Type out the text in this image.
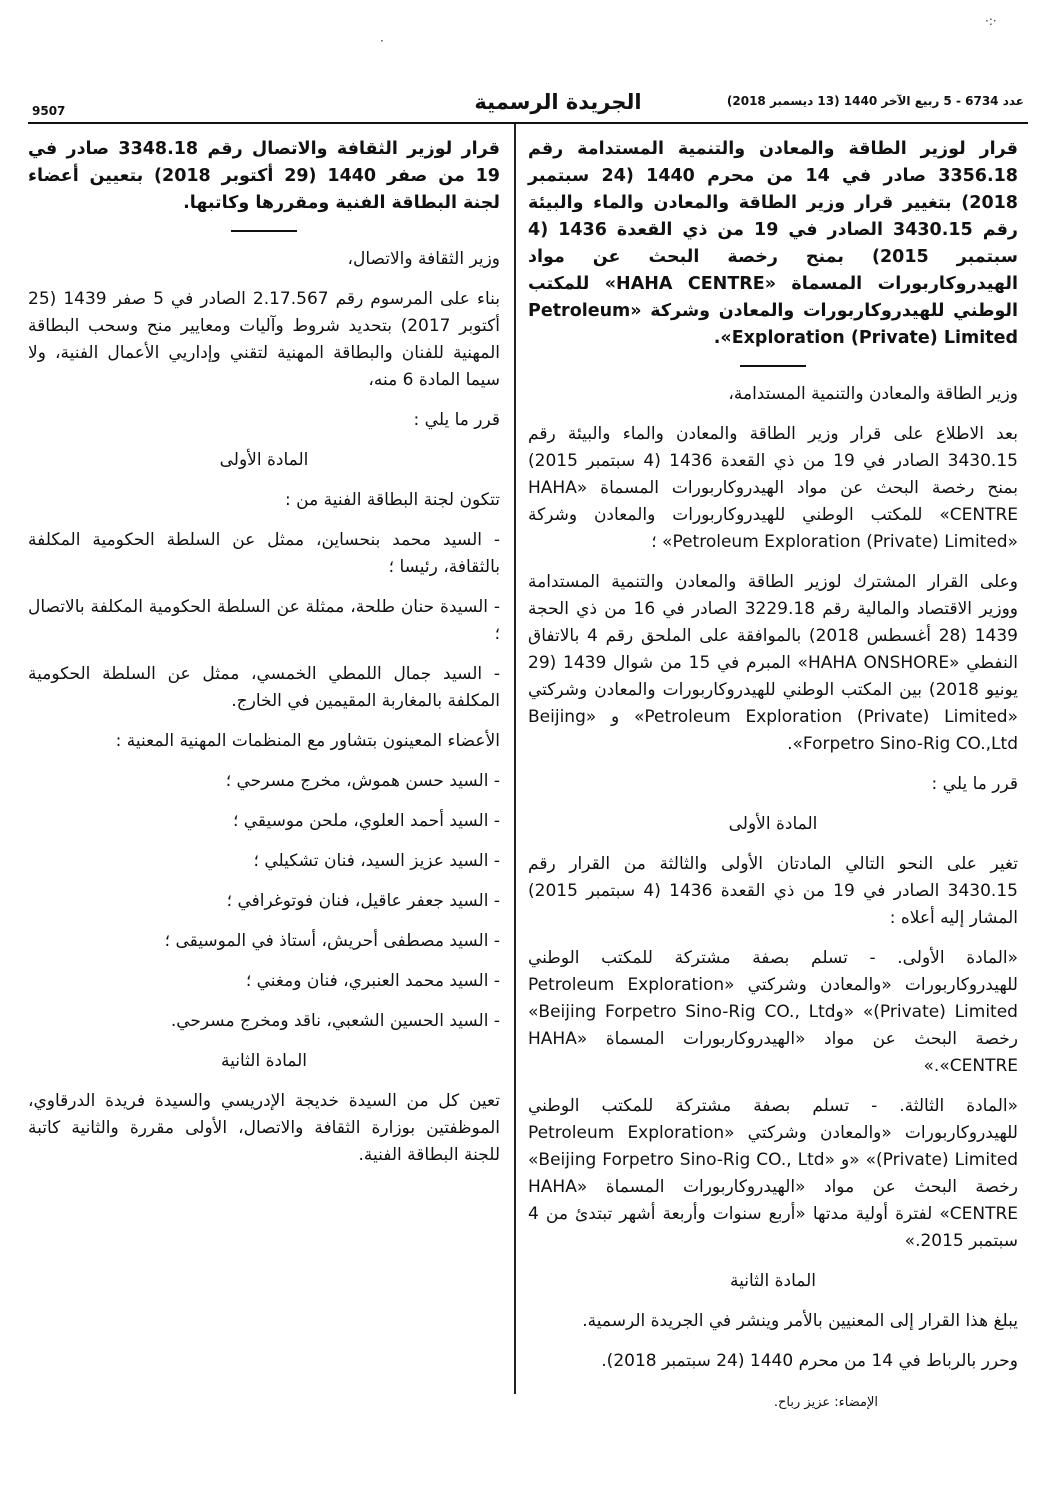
·:·
·
9507	الجريدة الرسمية	عدد 6734 - 5 ربيع الآخر 1440 (13 ديسمبر 2018)

قرار لوزير الطاقة والمعادن والتنمية المستدامة رقم 3356.18 صادر في 14 من محرم 1440 (24 سبتمبر 2018) بتغيير قرار وزير الطاقة والمعادن والماء والبيئة رقم 3430.15 الصادر في 19 من ذي القعدة 1436 (4 سبتمبر 2015) بمنح رخصة البحث عن مواد الهيدروكاربورات المسماة «HAHA CENTRE» للمكتب الوطني للهيدروكاربورات والمعادن وشركة «Petroleum Exploration (Private) Limited».

وزير الطاقة والمعادن والتنمية المستدامة،

بعد الاطلاع على قرار وزير الطاقة والمعادن والماء والبيئة رقم 3430.15 الصادر في 19 من ذي القعدة 1436 (4 سبتمبر 2015) بمنح رخصة البحث عن مواد الهيدروكاربورات المسماة «HAHA CENTRE» للمكتب الوطني للهيدروكاربورات والمعادن وشركة «Petroleum Exploration (Private) Limited» ؛

وعلى القرار المشترك لوزير الطاقة والمعادن والتنمية المستدامة ووزير الاقتصاد والمالية رقم 3229.18 الصادر في 16 من ذي الحجة 1439 (28 أغسطس 2018) بالموافقة على الملحق رقم 4 بالاتفاق النفطي «HAHA ONSHORE» المبرم في 15 من شوال 1439 (29 يونيو 2018) بين المكتب الوطني للهيدروكاربورات والمعادن وشركتي «Petroleum Exploration (Private) Limited» و «Beijing Forpetro Sino-Rig CO.,Ltd».

قرر ما يلي :

المادة الأولى

تغير على النحو التالي المادتان الأولى والثالثة من القرار رقم 3430.15 الصادر في 19 من ذي القعدة 1436 (4 سبتمبر 2015) المشار إليه أعلاه :

«المادة الأولى. - تسلم بصفة مشتركة للمكتب الوطني للهيدروكاربورات «والمعادن وشركتي «Petroleum Exploration (Private) Limited» «وBeijing Forpetro Sino-Rig CO., Ltd» رخصة البحث عن مواد «الهيدروكاربورات المسماة «HAHA CENTRE».»

«المادة الثالثة. - تسلم بصفة مشتركة للمكتب الوطني للهيدروكاربورات «والمعادن وشركتي «Petroleum Exploration (Private) Limited» «و «Beijing Forpetro Sino-Rig CO., Ltd» رخصة البحث عن مواد «الهيدروكاربورات المسماة «HAHA CENTRE» لفترة أولية مدتها «أربع سنوات وأربعة أشهر تبتدئ من 4 سبتمبر 2015.»

المادة الثانية

يبلغ هذا القرار إلى المعنيين بالأمر وينشر في الجريدة الرسمية.

وحرر بالرباط في 14 من محرم 1440 (24 سبتمبر 2018).

الإمضاء: عزيز رباح.

قرار لوزير الثقافة والاتصال رقم 3348.18 صادر في 19 من صفر 1440 (29 أكتوبر 2018) بتعيين أعضاء لجنة البطاقة الفنية ومقررها وكاتبها.

وزير الثقافة والاتصال،

بناء على المرسوم رقم 2.17.567 الصادر في 5 صفر 1439 (25 أكتوبر 2017) بتحديد شروط وآليات ومعايير منح وسحب البطاقة المهنية للفنان والبطاقة المهنية لتقني وإداريي الأعمال الفنية، ولا سيما المادة 6 منه،

قرر ما يلي :

المادة الأولى

تتكون لجنة البطاقة الفنية من :

- السيد محمد بنحساين، ممثل عن السلطة الحكومية المكلفة بالثقافة، رئيسا ؛
- السيدة حنان طلحة، ممثلة عن السلطة الحكومية المكلفة بالاتصال ؛
- السيد جمال اللمطي الخمسي، ممثل عن السلطة الحكومية المكلفة بالمغاربة المقيمين في الخارج.

الأعضاء المعينون بتشاور مع المنظمات المهنية المعنية :

- السيد حسن هموش، مخرج مسرحي ؛
- السيد أحمد العلوي، ملحن موسيقي ؛
- السيد عزيز السيد، فنان تشكيلي ؛
- السيد جعفر عاقيل، فنان فوتوغرافي ؛
- السيد مصطفى أحريش، أستاذ في الموسيقى ؛
- السيد محمد العنبري، فنان ومغني ؛
- السيد الحسين الشعبي، ناقد ومخرج مسرحي.

المادة الثانية

تعين كل من السيدة خديجة الإدريسي والسيدة فريدة الدرقاوي، الموظفتين بوزارة الثقافة والاتصال، الأولى مقررة والثانية كاتبة للجنة البطاقة الفنية.
